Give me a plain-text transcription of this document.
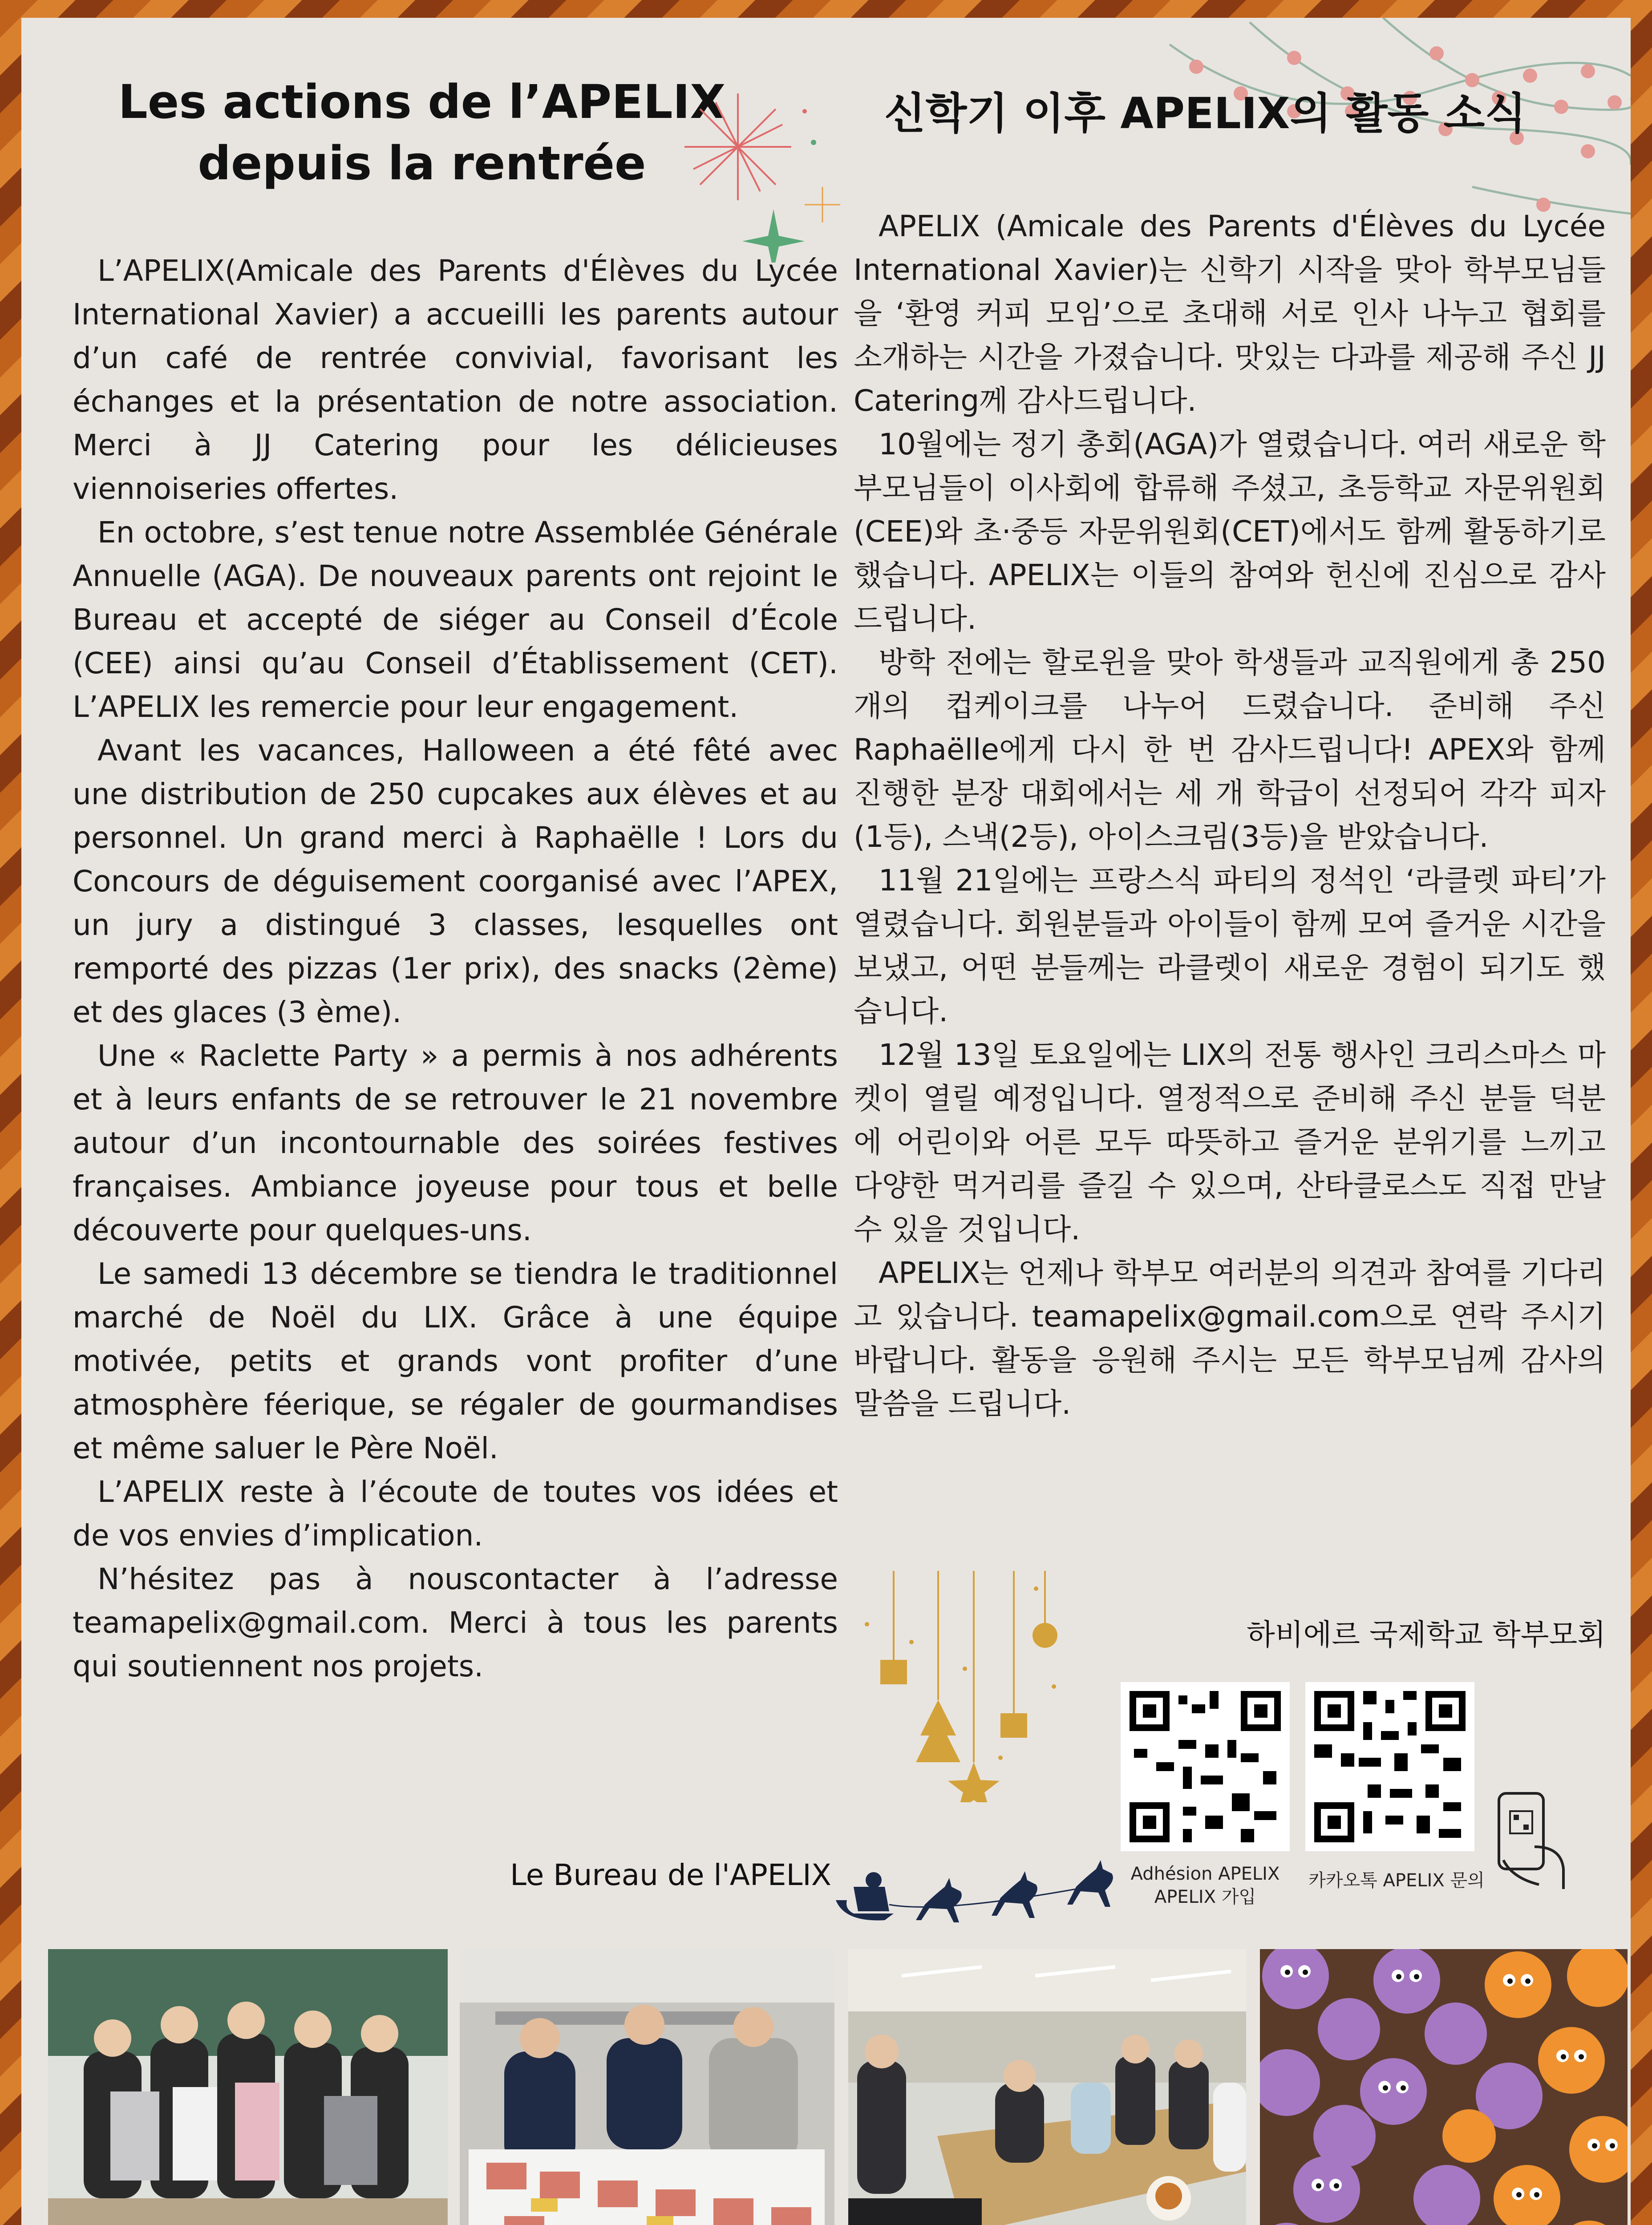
Les actions de l’APELIX
depuis la rentrée
신학기 이후 APELIX의 활동 소식

L’APELIX(Amicale des Parents d'Élèves du Lycée International Xavier) a accueilli les parents autour d’un café de rentrée convivial, favorisant les échanges et la présentation de notre association. Merci à JJ Catering pour les délicieuses viennoiseries offertes.

En octobre, s’est tenue notre Assemblée Générale Annuelle (AGA). De nouveaux parents ont rejoint le Bureau et accepté de siéger au Conseil d’École (CEE) ainsi qu’au Conseil d’Établissement (CET). L’APELIX les remercie pour leur engagement.

Avant les vacances, Halloween a été fêté avec une distribution de 250 cupcakes aux élèves et au personnel. Un grand merci à Raphaëlle ! Lors du Concours de déguisement coorganisé avec l’APEX, un jury a distingué 3 classes, lesquelles ont remporté des pizzas (1er prix), des snacks (2ème) et des glaces (3 ème).

Une « Raclette Party » a permis à nos adhérents et à leurs enfants de se retrouver le 21 novembre autour d’un incontournable des soirées festives françaises. Ambiance joyeuse pour tous et belle découverte pour quelques-uns.

Le samedi 13 décembre se tiendra le traditionnel marché de Noël du LIX. Grâce à une équipe motivée, petits et grands vont profiter d’une atmosphère féerique, se régaler de gourmandises et même saluer le Père Noël.

L’APELIX reste à l’écoute de toutes vos idées et de vos envies d’implication.

N’hésitez pas à nouscontacter à l’adresse teamapelix@gmail.com. Merci à tous les parents qui soutiennent nos projets.

APELIX (Amicale des Parents d'Élèves du Lycée International Xavier)는 신학기 시작을 맞아 학부모님들을 ‘환영 커피 모임’으로 초대해 서로 인사 나누고 협회를 소개하는 시간을 가졌습니다. 맛있는 다과를 제공해 주신 JJ Catering께 감사드립니다.

10월에는 정기 총회(AGA)가 열렸습니다. 여러 새로운 학부모님들이 이사회에 합류해 주셨고, 초등학교 자문위원회(CEE)와 초·중등 자문위원회(CET)에서도 함께 활동하기로 했습니다. APELIX는 이들의 참여와 헌신에 진심으로 감사드립니다.

방학 전에는 할로윈을 맞아 학생들과 교직원에게 총 250개의 컵케이크를 나누어 드렸습니다. 준비해 주신 Raphaëlle에게 다시 한 번 감사드립니다! APEX와 함께 진행한 분장 대회에서는 세 개 학급이 선정되어 각각 피자(1등), 스낵(2등), 아이스크림(3등)을 받았습니다.

11월 21일에는 프랑스식 파티의 정석인 ‘라클렛 파티’가 열렸습니다. 회원분들과 아이들이 함께 모여 즐거운 시간을 보냈고, 어떤 분들께는 라클렛이 새로운 경험이 되기도 했습니다.

12월 13일 토요일에는 LIX의 전통 행사인 크리스마스 마켓이 열릴 예정입니다. 열정적으로 준비해 주신 분들 덕분에 어린이와 어른 모두 따뜻하고 즐거운 분위기를 느끼고 다양한 먹거리를 즐길 수 있으며, 산타클로스도 직접 만날 수 있을 것입니다.

APELIX는 언제나 학부모 여러분의 의견과 참여를 기다리고 있습니다. teamapelix@gmail.com으로 연락 주시기 바랍니다. 활동을 응원해 주시는 모든 학부모님께 감사의 말씀을 드립니다.

하비에르 국제학교 학부모회
Adhésion APELIX
APELIX 가입
카카오톡 APELIX 문의
Le Bureau de l'APELIX
